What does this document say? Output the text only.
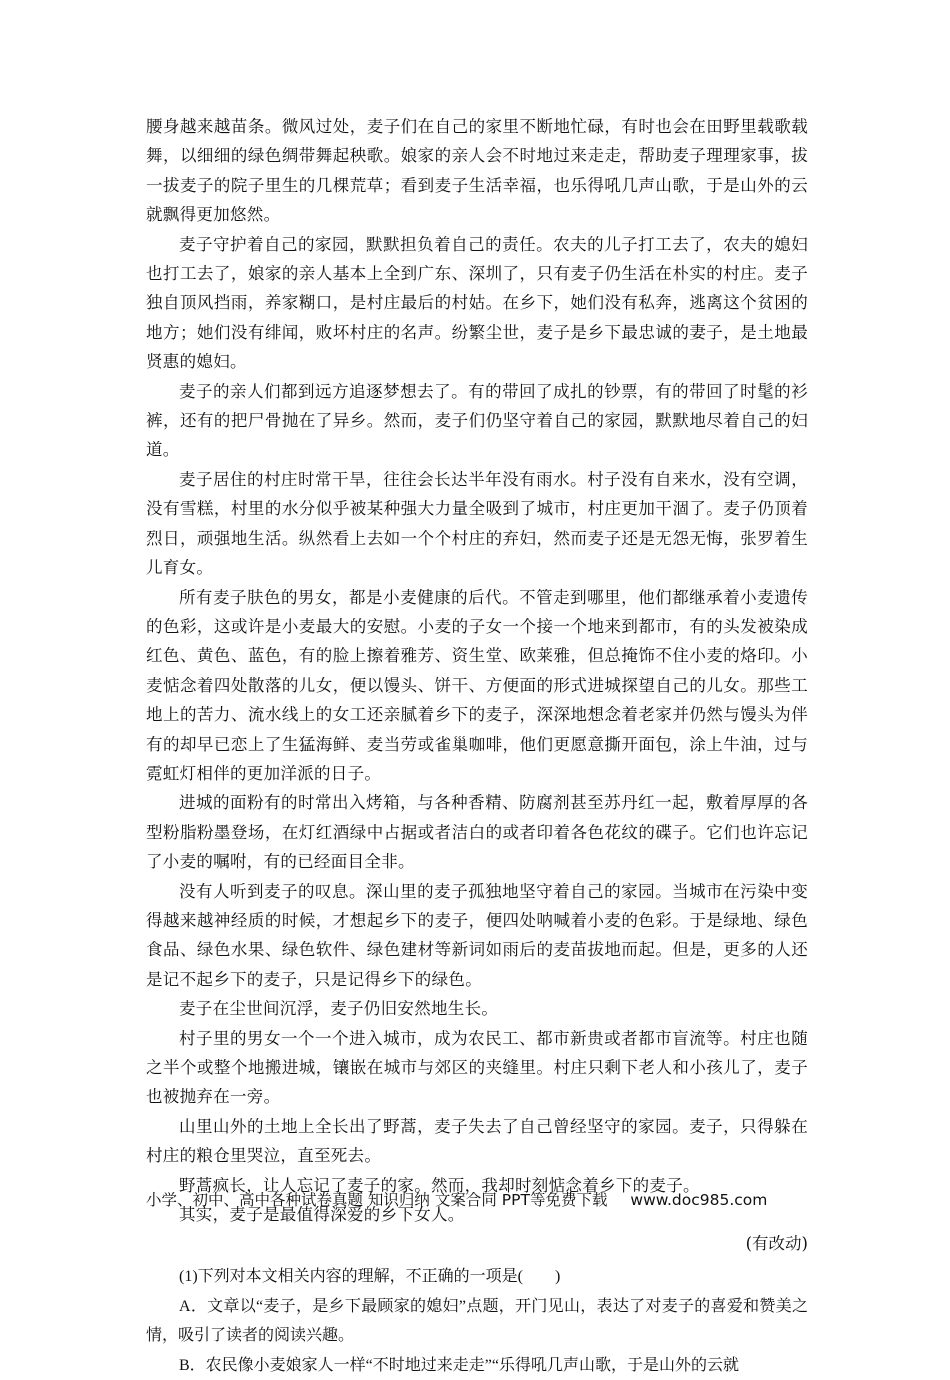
腰身越来越苗条。微风过处，麦子们在自己的家里不断地忙碌，有时也会在田野里载歌载舞，以细细的绿色绸带舞起秧歌。娘家的亲人会不时地过来走走，帮助麦子理理家事，拔一拔麦子的院子里生的几棵荒草；看到麦子生活幸福，也乐得吼几声山歌，于是山外的云就飘得更加悠然。

麦子守护着自己的家园，默默担负着自己的责任。农夫的儿子打工去了，农夫的媳妇也打工去了，娘家的亲人基本上全到广东、深圳了，只有麦子仍生活在朴实的村庄。麦子独自顶风挡雨，养家糊口，是村庄最后的村姑。在乡下，她们没有私奔，逃离这个贫困的地方；她们没有绯闻，败坏村庄的名声。纷繁尘世，麦子是乡下最忠诚的妻子，是土地最贤惠的媳妇。

麦子的亲人们都到远方追逐梦想去了。有的带回了成扎的钞票，有的带回了时髦的衫裤，还有的把尸骨抛在了异乡。然而，麦子们仍坚守着自己的家园，默默地尽着自己的妇道。

麦子居住的村庄时常干旱，往往会长达半年没有雨水。村子没有自来水，没有空调，没有雪糕，村里的水分似乎被某种强大力量全吸到了城市，村庄更加干涸了。麦子仍顶着烈日，顽强地生活。纵然看上去如一个个村庄的弃妇，然而麦子还是无怨无悔，张罗着生儿育女。

所有麦子肤色的男女，都是小麦健康的后代。不管走到哪里，他们都继承着小麦遗传的色彩，这或许是小麦最大的安慰。小麦的子女一个接一个地来到都市，有的头发被染成红色、黄色、蓝色，有的脸上擦着雅芳、资生堂、欧莱雅，但总掩饰不住小麦的烙印。小麦惦念着四处散落的儿女，便以馒头、饼干、方便面的形式进城探望自己的儿女。那些工地上的苦力、流水线上的女工还亲腻着乡下的麦子，深深地想念着老家并仍然与馒头为伴有的却早已恋上了生猛海鲜、麦当劳或雀巢咖啡，他们更愿意撕开面包，涂上牛油，过与霓虹灯相伴的更加洋派的日子。

进城的面粉有的时常出入烤箱，与各种香精、防腐剂甚至苏丹红一起，敷着厚厚的各型粉脂粉墨登场，在灯红酒绿中占据或者洁白的或者印着各色花纹的碟子。它们也许忘记了小麦的嘱咐，有的已经面目全非。

没有人听到麦子的叹息。深山里的麦子孤独地坚守着自己的家园。当城市在污染中变得越来越神经质的时候，才想起乡下的麦子，便四处呐喊着小麦的色彩。于是绿地、绿色食品、绿色水果、绿色软件、绿色建材等新词如雨后的麦苗拔地而起。但是，更多的人还是记不起乡下的麦子，只是记得乡下的绿色。

麦子在尘世间沉浮，麦子仍旧安然地生长。

村子里的男女一个一个进入城市，成为农民工、都市新贵或者都市盲流等。村庄也随之半个或整个地搬进城，镶嵌在城市与郊区的夹缝里。村庄只剩下老人和小孩儿了，麦子也被抛弃在一旁。

山里山外的土地上全长出了野蒿，麦子失去了自己曾经坚守的家园。麦子，只得躲在村庄的粮仓里哭泣，直至死去。

野蒿疯长，让人忘记了麦子的家。然而，我却时刻惦念着乡下的麦子。

其实，麦子是最值得深爱的乡下女人。

(有改动)

(1)下列对本文相关内容的理解，不正确的一项是(　　)

A．文章以“麦子，是乡下最顾家的媳妇”点题，开门见山，表达了对麦子的喜爱和赞美之情，吸引了读者的阅读兴趣。

B．农民像小麦娘家人一样“不时地过来走走”“乐得吼几声山歌，于是山外的云就

小学、初中、高中各种试卷真题 知识归纳 文案合同 PPT等免费下载 www.doc985.com
